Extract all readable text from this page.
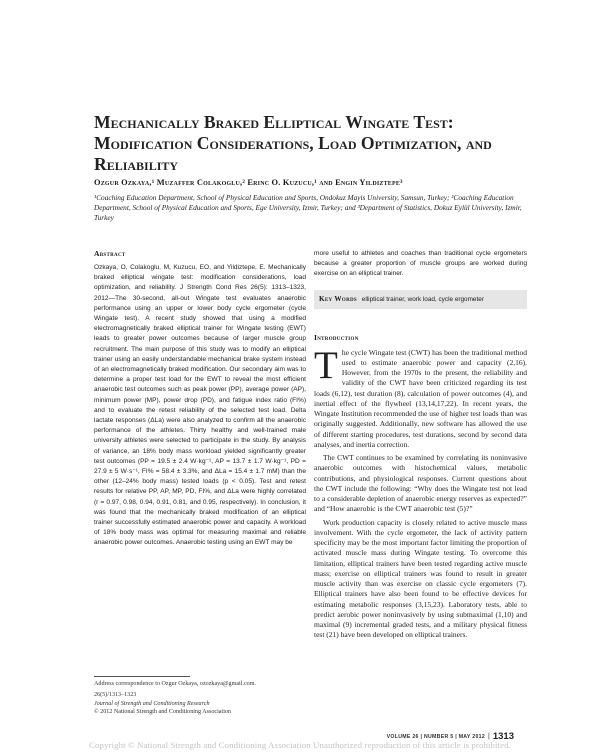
Mechanically Braked Elliptical Wingate Test: Modification Considerations, Load Optimization, and Reliability
Ozgur Ozkaya,¹ Muzaffer Colakoglu,² Erinc O. Kuzucu,¹ and Engin Yildiztepe³
¹Coaching Education Department, School of Physical Education and Sports, Ondokuz Mayis University, Samsun, Turkey; ²Coaching Education Department, School of Physical Education and Sports, Ege University, Izmir, Turkey; and ³Department of Statistics, Dokuz Eylül University, Izmir, Turkey
Abstract
Ozkaya, O, Colakoglu, M, Kuzucu, EO, and Yildiztepe, E. Mechanically braked elliptical wingate test: modification considerations, load optimization, and reliability. J Strength Cond Res 26(5): 1313–1323, 2012—The 30-second, all-out Wingate test evaluates anaerobic performance using an upper or lower body cycle ergometer (cycle Wingate test). A recent study showed that using a modified electromagnetically braked elliptical trainer for Wingate testing (EWT) leads to greater power outcomes because of larger muscle group recruitment. The main purpose of this study was to modify an elliptical trainer using an easily understandable mechanical brake system instead of an electromagnetically braked modification. Our secondary aim was to determine a proper test load for the EWT to reveal the most efficient anaerobic test outcomes such as peak power (PP), average power (AP), minimum power (MP), power drop (PD), and fatigue index ratio (FI%) and to evaluate the retest reliability of the selected test load. Delta lactate responses (ΔLa) were also analyzed to confirm all the anaerobic performance of the athletes. Thirty healthy and well-trained male university athletes were selected to participate in the study. By analysis of variance, an 18% body mass workload yielded significantly greater test outcomes (PP = 19.5 ± 2.4 W·kg⁻¹, AP = 13.7 ± 1.7 W·kg⁻¹, PD = 27.9 ± 5 W·s⁻¹, FI% = 58.4 ± 3.3%, and ΔLa = 15.4 ± 1.7 mM) than the other (12–24% body mass) tested loads (p < 0.05). Test and retest results for relative PP, AP, MP, PD, FI%, and ΔLa were highly correlated (r = 0.97, 0.98, 0.94, 0.91, 0.81, and 0.95, respectively). In conclusion, it was found that the mechanically braked modification of an elliptical trainer successfully estimated anaerobic power and capacity. A workload of 18% body mass was optimal for measuring maximal and reliable anaerobic power outcomes. Anaerobic testing using an EWT may be
Address correspondence to Ozgur Ozkaya, ozozkaya@gmail.com.
26(5)/1313–1323
Journal of Strength and Conditioning Research
© 2012 National Strength and Conditioning Association
more useful to athletes and coaches than traditional cycle ergometers because a greater proportion of muscle groups are worked during exercise on an elliptical trainer.
Key Words elliptical trainer, work load, cycle ergometer
Introduction

The cycle Wingate test (CWT) has been the traditional method used to estimate anaerobic power and capacity (2,16). However, from the 1970s to the present, the reliability and validity of the CWT have been criticized regarding its test loads (6,12), test duration (8), calculation of power outcomes (4), and inertial effect of the flywheel (13,14,17,22). In recent years, the Wingate Institution recommended the use of higher test loads than was originally suggested. Additionally, new software has allowed the use of different starting procedures, test durations, second by second data analyses, and inertia correction.

The CWT continues to be examined by correlating its noninvasive anaerobic outcomes with histochemical values, metabolic contributions, and physiological responses. Current questions about the CWT include the following: “Why does the Wingate test not lead to a considerable depletion of anaerobic energy reserves as expected?” and “How anaerobic is the CWT anaerobic test (5)?”

Work production capacity is closely related to active muscle mass involvement. With the cycle ergometer, the lack of activity pattern specificity may be the most important factor limiting the proportion of activated muscle mass during Wingate testing. To overcome this limitation, elliptical trainers have been tested regarding active muscle mass; exercise on elliptical trainers was found to result in greater muscle activity than was exercise on classic cycle ergometers (7). Elliptical trainers have also been found to be effective devices for estimating metabolic responses (3,15,23). Laboratory tests, able to predict aerobic power noninvasively by using submaximal (1,10) and maximal (9) incremental graded tests, and a military physical fitness test (21) have been developed on elliptical trainers.

VOLUME 26 | NUMBER 5 | MAY 2012 | 1313
Copyright © National Strength and Conditioning Association Unauthorized reproduction of this article is prohibited.
